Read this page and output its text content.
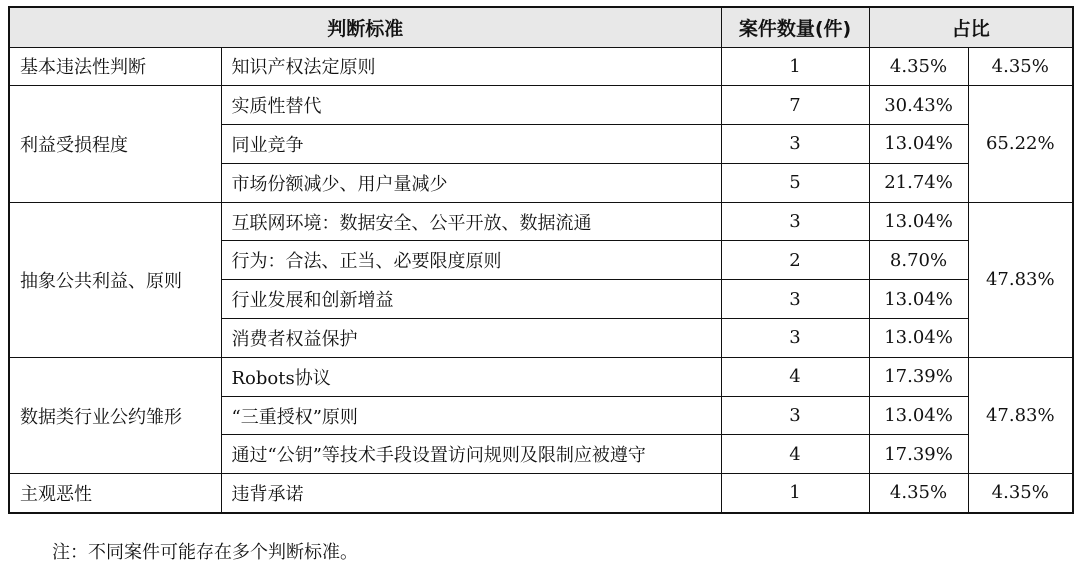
判断标准		案件数量(件)	占比	
基本违法性判断	知识产权法定原则	1	4.35%	4.35%
利益受损程度	实质性替代	7	30.43%	65.22%
	同业竞争	3	13.04%	
	市场份额减少、用户量减少	5	21.74%	
抽象公共利益、原则	互联网环境：数据安全、公平开放、数据流通	3	13.04%	47.83%
	行为：合法、正当、必要限度原则	2	8.70%	
	行业发展和创新增益	3	13.04%	
	消费者权益保护	3	13.04%	
数据类行业公约雏形	Robots协议	4	17.39%	47.83%
	“三重授权”原则	3	13.04%	
	通过“公钥”等技术手段设置访问规则及限制应被遵守	4	17.39%	
主观恶性	违背承诺	1	4.35%	4.35%
注：不同案件可能存在多个判断标准。
